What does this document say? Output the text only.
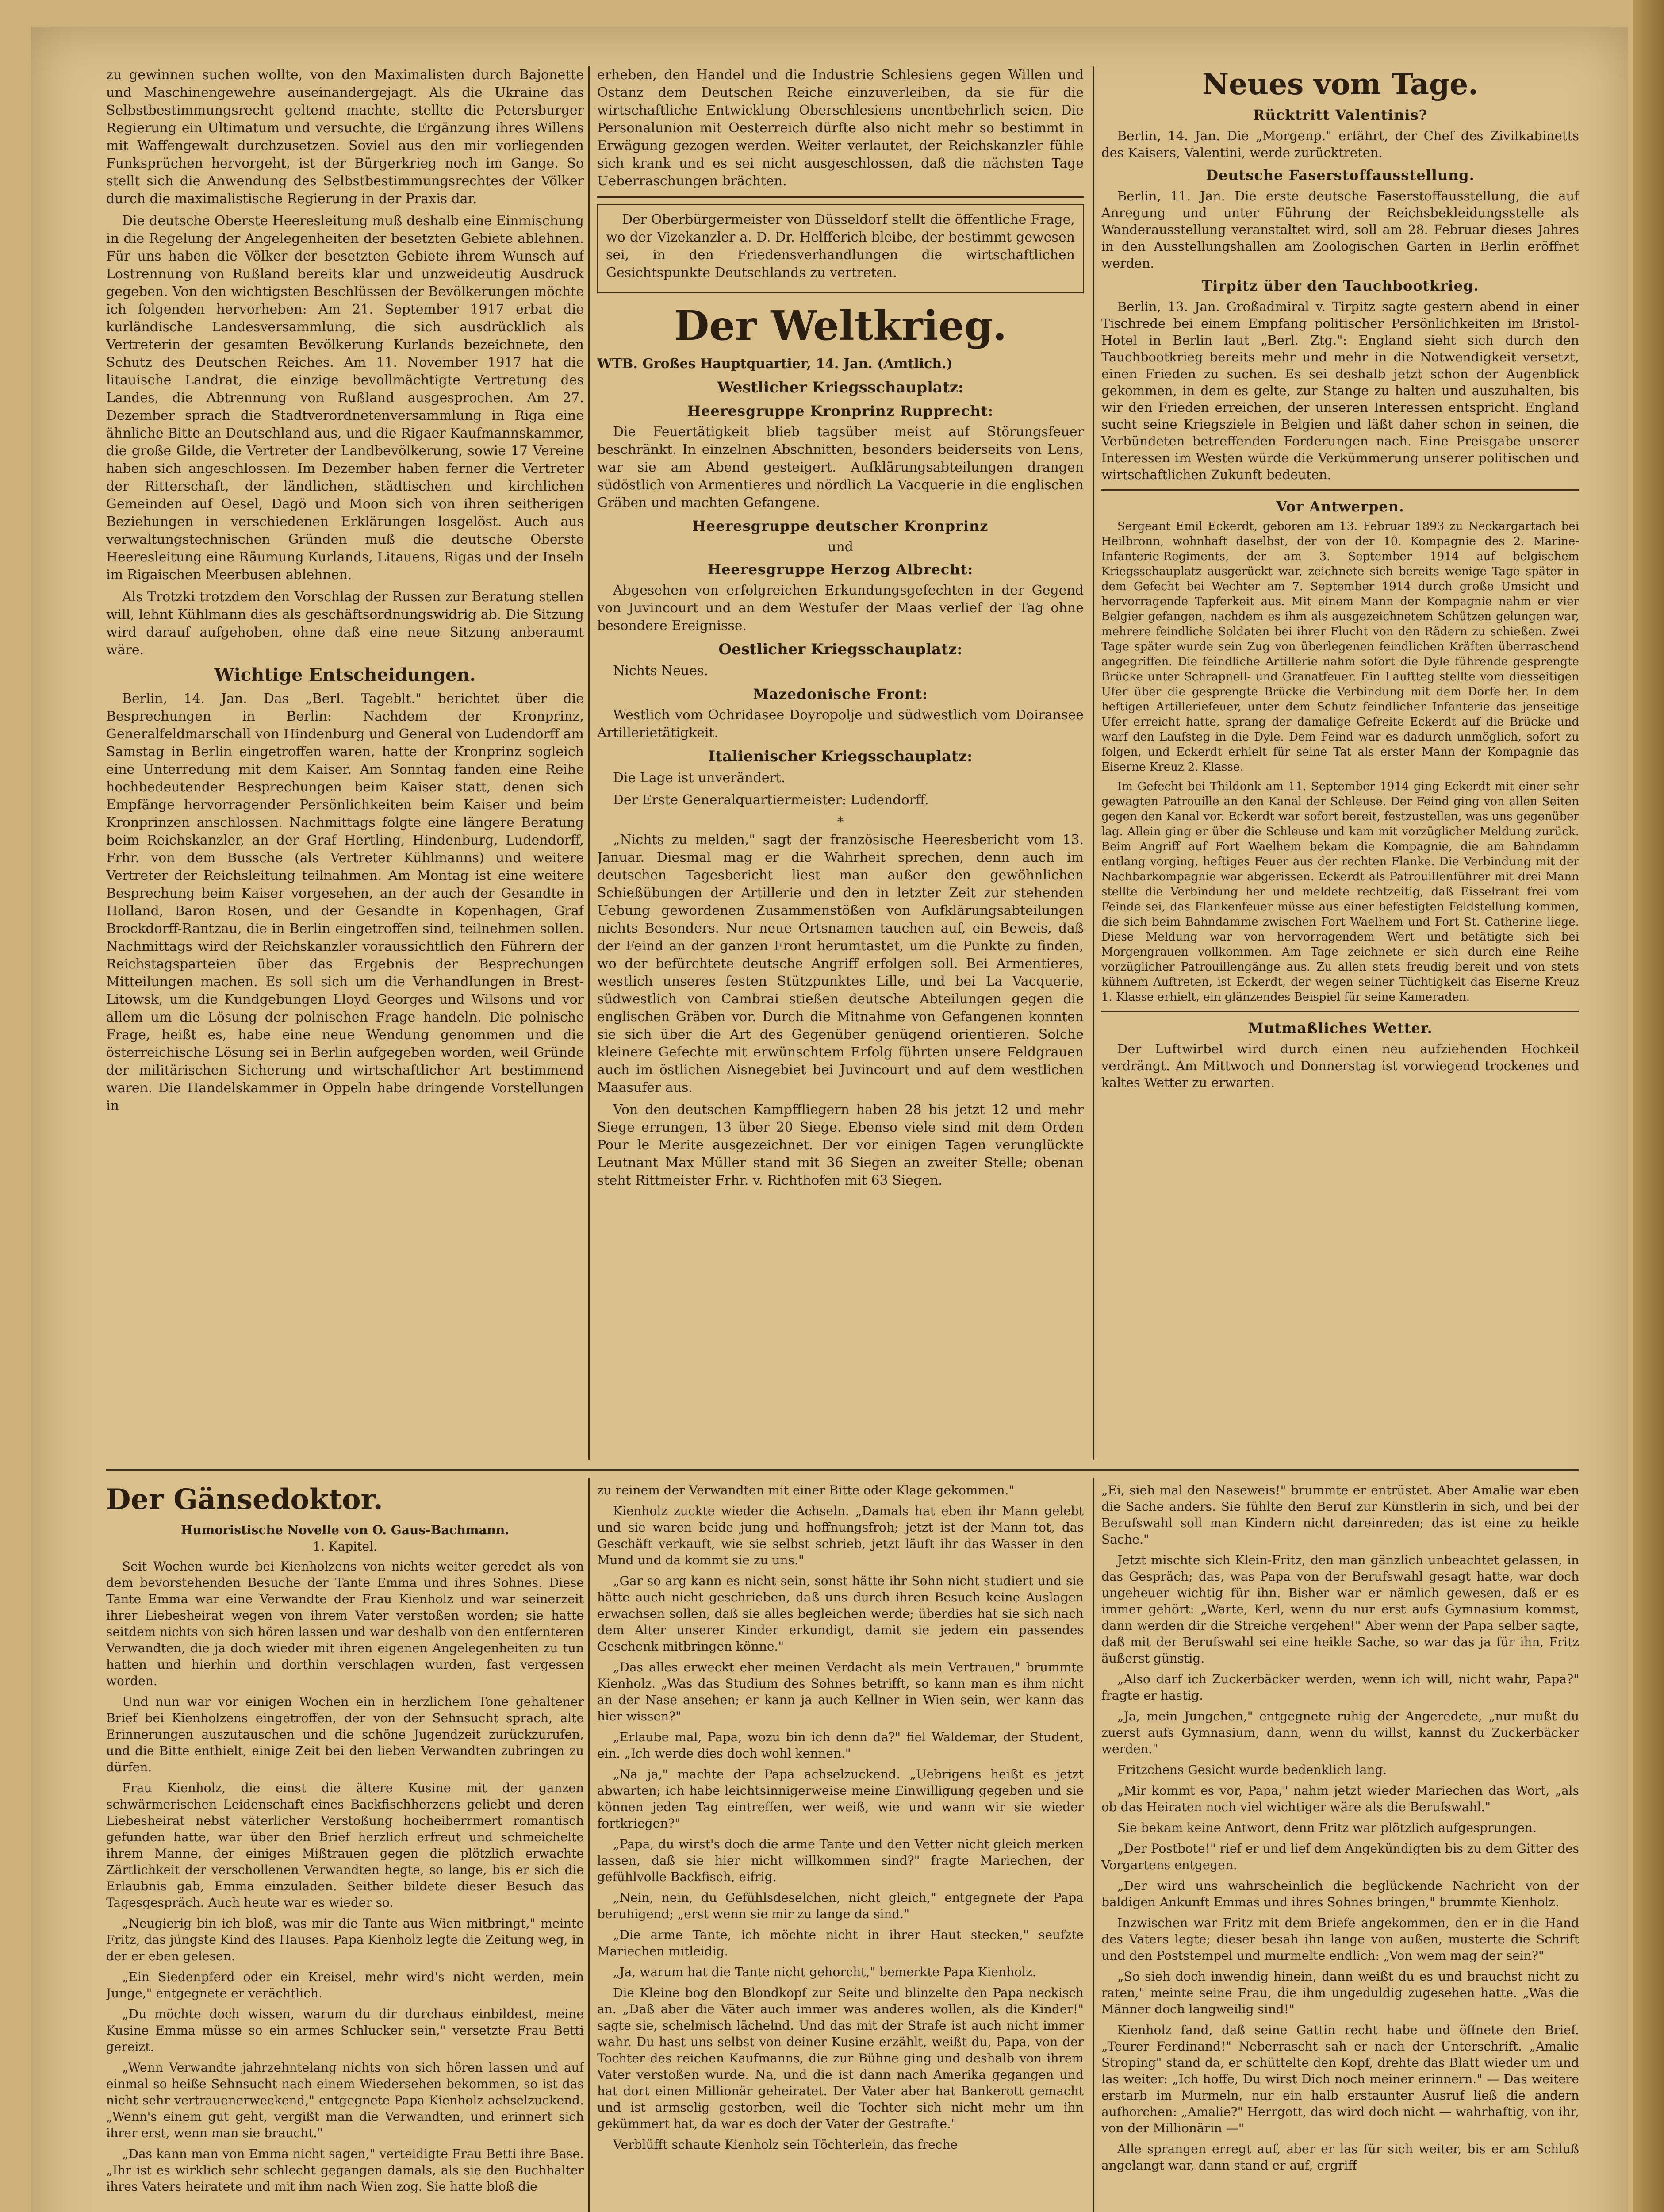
zu gewinnen suchen wollte, von den Maximalisten durch Bajonette und Maschinengewehre auseinandergejagt. Als die Ukraine das Selbstbestimmungsrecht geltend machte, stellte die Petersburger Regierung ein Ultimatum und versuchte, die Ergänzung ihres Willens mit Waffengewalt durchzusetzen. Soviel aus den mir vorliegenden Funksprüchen hervorgeht, ist der Bürgerkrieg noch im Gange. So stellt sich die Anwendung des Selbstbestimmungsrechtes der Völker durch die maximalistische Regierung in der Praxis dar.

Die deutsche Oberste Heeresleitung muß deshalb eine Einmischung in die Regelung der Angelegenheiten der besetzten Gebiete ablehnen. Für uns haben die Völker der besetzten Gebiete ihrem Wunsch auf Lostrennung von Rußland bereits klar und unzweideutig Ausdruck gegeben. Von den wichtigsten Beschlüssen der Bevölkerungen möchte ich folgenden hervorheben: Am 21. September 1917 erbat die kurländische Landesversammlung, die sich ausdrücklich als Vertreterin der gesamten Bevölkerung Kurlands bezeichnete, den Schutz des Deutschen Reiches. Am 11. November 1917 hat die litauische Landrat, die einzige bevollmächtigte Vertretung des Landes, die Abtrennung von Rußland ausgesprochen. Am 27. Dezember sprach die Stadtverordnetenversammlung in Riga eine ähnliche Bitte an Deutschland aus, und die Rigaer Kaufmannskammer, die große Gilde, die Vertreter der Landbevölkerung, sowie 17 Vereine haben sich angeschlossen. Im Dezember haben ferner die Vertreter der Ritterschaft, der ländlichen, städtischen und kirchlichen Gemeinden auf Oesel, Dagö und Moon sich von ihren seitherigen Beziehungen in verschiedenen Erklärungen losgelöst. Auch aus verwaltungstechnischen Gründen muß die deutsche Oberste Heeresleitung eine Räumung Kurlands, Litauens, Rigas und der Inseln im Rigaischen Meerbusen ablehnen.

Als Trotzki trotzdem den Vorschlag der Russen zur Beratung stellen will, lehnt Kühlmann dies als geschäftsordnungswidrig ab. Die Sitzung wird darauf aufgehoben, ohne daß eine neue Sitzung anberaumt wäre.

Wichtige Entscheidungen.

Berlin, 14. Jan. Das „Berl. Tageblt." berichtet über die Besprechungen in Berlin: Nachdem der Kronprinz, Generalfeldmarschall von Hindenburg und General von Ludendorff am Samstag in Berlin eingetroffen waren, hatte der Kronprinz sogleich eine Unterredung mit dem Kaiser. Am Sonntag fanden eine Reihe hochbedeutender Besprechungen beim Kaiser statt, denen sich Empfänge hervorragender Persönlichkeiten beim Kaiser und beim Kronprinzen anschlossen. Nachmittags folgte eine längere Beratung beim Reichskanzler, an der Graf Hertling, Hindenburg, Ludendorff, Frhr. von dem Bussche (als Vertreter Kühlmanns) und weitere Vertreter der Reichsleitung teilnahmen. Am Montag ist eine weitere Besprechung beim Kaiser vorgesehen, an der auch der Gesandte in Holland, Baron Rosen, und der Gesandte in Kopenhagen, Graf Brockdorff-Rantzau, die in Berlin eingetroffen sind, teilnehmen sollen. Nachmittags wird der Reichskanzler voraussichtlich den Führern der Reichstagsparteien über das Ergebnis der Besprechungen Mitteilungen machen. Es soll sich um die Verhandlungen in Brest-Litowsk, um die Kundgebungen Lloyd Georges und Wilsons und vor allem um die Lösung der polnischen Frage handeln. Die polnische Frage, heißt es, habe eine neue Wendung genommen und die österreichische Lösung sei in Berlin aufgegeben worden, weil Gründe der militärischen Sicherung und wirtschaftlicher Art bestimmend waren. Die Handelskammer in Oppeln habe dringende Vorstellungen in

erheben, den Handel und die Industrie Schlesiens gegen Willen und Ostanz dem Deutschen Reiche einzuverleiben, da sie für die wirtschaftliche Entwicklung Oberschlesiens unentbehrlich seien. Die Personalunion mit Oesterreich dürfte also nicht mehr so bestimmt in Erwägung gezogen werden. Weiter verlautet, der Reichskanzler fühle sich krank und es sei nicht ausgeschlossen, daß die nächsten Tage Ueberraschungen brächten.

Der Oberbürgermeister von Düsseldorf stellt die öffentliche Frage, wo der Vizekanzler a. D. Dr. Helfferich bleibe, der bestimmt gewesen sei, in den Friedensverhandlungen die wirtschaftlichen Gesichtspunkte Deutschlands zu vertreten.

Der Weltkrieg.

WTB. Großes Hauptquartier, 14. Jan. (Amtlich.)

Westlicher Kriegsschauplatz:
Heeresgruppe Kronprinz Rupprecht:

Die Feuertätigkeit blieb tagsüber meist auf Störungsfeuer beschränkt. In einzelnen Abschnitten, besonders beiderseits von Lens, war sie am Abend gesteigert. Aufklärungsabteilungen drangen südöstlich von Armentieres und nördlich La Vacquerie in die englischen Gräben und machten Gefangene.

Heeresgruppe deutscher Kronprinz
und
Heeresgruppe Herzog Albrecht:

Abgesehen von erfolgreichen Erkundungsgefechten in der Gegend von Juvincourt und an dem Westufer der Maas verlief der Tag ohne besondere Ereignisse.

Oestlicher Kriegsschauplatz:

Nichts Neues.

Mazedonische Front:

Westlich vom Ochridasee Doyropolje und südwestlich vom Doiransee Artillerietätigkeit.

Italienischer Kriegsschauplatz:

Die Lage ist unverändert.

Der Erste Generalquartiermeister: Ludendorff.

*

„Nichts zu melden," sagt der französische Heeresbericht vom 13. Januar. Diesmal mag er die Wahrheit sprechen, denn auch im deutschen Tagesbericht liest man außer den gewöhnlichen Schießübungen der Artillerie und den in letzter Zeit zur stehenden Uebung gewordenen Zusammenstößen von Aufklärungsabteilungen nichts Besonders. Nur neue Ortsnamen tauchen auf, ein Beweis, daß der Feind an der ganzen Front herumtastet, um die Punkte zu finden, wo der befürchtete deutsche Angriff erfolgen soll. Bei Armentieres, westlich unseres festen Stützpunktes Lille, und bei La Vacquerie, südwestlich von Cambrai stießen deutsche Abteilungen gegen die englischen Gräben vor. Durch die Mitnahme von Gefangenen konnten sie sich über die Art des Gegenüber genügend orientieren. Solche kleinere Gefechte mit erwünschtem Erfolg führten unsere Feldgrauen auch im östlichen Aisnegebiet bei Juvincourt und auf dem westlichen Maasufer aus.

Von den deutschen Kampffliegern haben 28 bis jetzt 12 und mehr Siege errungen, 13 über 20 Siege. Ebenso viele sind mit dem Orden Pour le Merite ausgezeichnet. Der vor einigen Tagen verunglückte Leutnant Max Müller stand mit 36 Siegen an zweiter Stelle; obenan steht Rittmeister Frhr. v. Richthofen mit 63 Siegen.

Neues vom Tage.
Rücktritt Valentinis?

Berlin, 14. Jan. Die „Morgenp." erfährt, der Chef des Zivilkabinetts des Kaisers, Valentini, werde zurücktreten.

Deutsche Faserstoffausstellung.

Berlin, 11. Jan. Die erste deutsche Faserstoffausstellung, die auf Anregung und unter Führung der Reichsbekleidungsstelle als Wanderausstellung veranstaltet wird, soll am 28. Februar dieses Jahres in den Ausstellungshallen am Zoologischen Garten in Berlin eröffnet werden.

Tirpitz über den Tauchbootkrieg.

Berlin, 13. Jan. Großadmiral v. Tirpitz sagte gestern abend in einer Tischrede bei einem Empfang politischer Persönlichkeiten im Bristol-Hotel in Berlin laut „Berl. Ztg.": England sieht sich durch den Tauchbootkrieg bereits mehr und mehr in die Notwendigkeit versetzt, einen Frieden zu suchen. Es sei deshalb jetzt schon der Augenblick gekommen, in dem es gelte, zur Stange zu halten und auszuhalten, bis wir den Frieden erreichen, der unseren Interessen entspricht. England sucht seine Kriegsziele in Belgien und läßt daher schon in seinen, die Verbündeten betreffenden Forderungen nach. Eine Preisgabe unserer Interessen im Westen würde die Verkümmerung unserer politischen und wirtschaftlichen Zukunft bedeuten.

Vor Antwerpen.

Sergeant Emil Eckerdt, geboren am 13. Februar 1893 zu Neckargartach bei Heilbronn, wohnhaft daselbst, der von der 10. Kompagnie des 2. Marine-Infanterie-Regiments, der am 3. September 1914 auf belgischem Kriegsschauplatz ausgerückt war, zeichnete sich bereits wenige Tage später in dem Gefecht bei Wechter am 7. September 1914 durch große Umsicht und hervorragende Tapferkeit aus. Mit einem Mann der Kompagnie nahm er vier Belgier gefangen, nachdem es ihm als ausgezeichnetem Schützen gelungen war, mehrere feindliche Soldaten bei ihrer Flucht von den Rädern zu schießen. Zwei Tage später wurde sein Zug von überlegenen feindlichen Kräften überraschend angegriffen. Die feindliche Artillerie nahm sofort die Dyle führende gesprengte Brücke unter Schrapnell- und Granatfeuer. Ein Lauftteg stellte vom diesseitigen Ufer über die gesprengte Brücke die Verbindung mit dem Dorfe her. In dem heftigen Artilleriefeuer, unter dem Schutz feindlicher Infanterie das jenseitige Ufer erreicht hatte, sprang der damalige Gefreite Eckerdt auf die Brücke und warf den Laufsteg in die Dyle. Dem Feind war es dadurch unmöglich, sofort zu folgen, und Eckerdt erhielt für seine Tat als erster Mann der Kompagnie das Eiserne Kreuz 2. Klasse.

Im Gefecht bei Thildonk am 11. September 1914 ging Eckerdt mit einer sehr gewagten Patrouille an den Kanal der Schleuse. Der Feind ging von allen Seiten gegen den Kanal vor. Eckerdt war sofort bereit, festzustellen, was uns gegenüber lag. Allein ging er über die Schleuse und kam mit vorzüglicher Meldung zurück. Beim Angriff auf Fort Waelhem bekam die Kompagnie, die am Bahndamm entlang vorging, heftiges Feuer aus der rechten Flanke. Die Verbindung mit der Nachbarkompagnie war abgerissen. Eckerdt als Patrouillenführer mit drei Mann stellte die Verbindung her und meldete rechtzeitig, daß Eisselrant frei vom Feinde sei, das Flankenfeuer müsse aus einer befestigten Feldstellung kommen, die sich beim Bahndamme zwischen Fort Waelhem und Fort St. Catherine liege. Diese Meldung war von hervorragendem Wert und betätigte sich bei Morgengrauen vollkommen. Am Tage zeichnete er sich durch eine Reihe vorzüglicher Patrouillengänge aus. Zu allen stets freudig bereit und von stets kühnem Auftreten, ist Eckerdt, der wegen seiner Tüchtigkeit das Eiserne Kreuz 1. Klasse erhielt, ein glänzendes Beispiel für seine Kameraden.

Mutmaßliches Wetter.

Der Luftwirbel wird durch einen neu aufziehenden Hochkeil verdrängt. Am Mittwoch und Donnerstag ist vorwiegend trockenes und kaltes Wetter zu erwarten.

Der Gänsedoktor.
Humoristische Novelle von O. Gaus-Bachmann.
1. Kapitel.

Seit Wochen wurde bei Kienholzens von nichts weiter geredet als von dem bevorstehenden Besuche der Tante Emma und ihres Sohnes. Diese Tante Emma war eine Verwandte der Frau Kienholz und war seinerzeit ihrer Liebesheirat wegen von ihrem Vater verstoßen worden; sie hatte seitdem nichts von sich hören lassen und war deshalb von den entfernteren Verwandten, die ja doch wieder mit ihren eigenen Angelegenheiten zu tun hatten und hierhin und dorthin verschlagen wurden, fast vergessen worden.

Und nun war vor einigen Wochen ein in herzlichem Tone gehaltener Brief bei Kienholzens eingetroffen, der von der Sehnsucht sprach, alte Erinnerungen auszutauschen und die schöne Jugendzeit zurückzurufen, und die Bitte enthielt, einige Zeit bei den lieben Verwandten zubringen zu dürfen.

Frau Kienholz, die einst die ältere Kusine mit der ganzen schwärmerischen Leidenschaft eines Backfischherzens geliebt und deren Liebesheirat nebst väterlicher Verstoßung hocheiberrmert romantisch gefunden hatte, war über den Brief herzlich erfreut und schmeichelte ihrem Manne, der einiges Mißtrauen gegen die plötzlich erwachte Zärtlichkeit der verschollenen Verwandten hegte, so lange, bis er sich die Erlaubnis gab, Emma einzuladen. Seither bildete dieser Besuch das Tagesgespräch. Auch heute war es wieder so.

„Neugierig bin ich bloß, was mir die Tante aus Wien mitbringt," meinte Fritz, das jüngste Kind des Hauses. Papa Kienholz legte die Zeitung weg, in der er eben gelesen.

„Ein Siedenpferd oder ein Kreisel, mehr wird's nicht werden, mein Junge," entgegnete er verächtlich.

„Du möchte doch wissen, warum du dir durchaus einbildest, meine Kusine Emma müsse so ein armes Schlucker sein," versetzte Frau Betti gereizt.

„Wenn Verwandte jahrzehntelang nichts von sich hören lassen und auf einmal so heiße Sehnsucht nach einem Wiedersehen bekommen, so ist das nicht sehr vertrauenerweckend," entgegnete Papa Kienholz achselzuckend. „Wenn's einem gut geht, vergißt man die Verwandten, und erinnert sich ihrer erst, wenn man sie braucht."

„Das kann man von Emma nicht sagen," verteidigte Frau Betti ihre Base. „Ihr ist es wirklich sehr schlecht gegangen damals, als sie den Buchhalter ihres Vaters heiratete und mit ihm nach Wien zog. Sie hatte bloß die

zu reinem der Verwandten mit einer Bitte oder Klage gekommen."

Kienholz zuckte wieder die Achseln. „Damals hat eben ihr Mann gelebt und sie waren beide jung und hoffnungsfroh; jetzt ist der Mann tot, das Geschäft verkauft, wie sie selbst schrieb, jetzt läuft ihr das Wasser in den Mund und da kommt sie zu uns."

„Gar so arg kann es nicht sein, sonst hätte ihr Sohn nicht studiert und sie hätte auch nicht geschrieben, daß uns durch ihren Besuch keine Auslagen erwachsen sollen, daß sie alles begleichen werde; überdies hat sie sich nach dem Alter unserer Kinder erkundigt, damit sie jedem ein passendes Geschenk mitbringen könne."

„Das alles erweckt eher meinen Verdacht als mein Vertrauen," brummte Kienholz. „Was das Studium des Sohnes betrifft, so kann man es ihm nicht an der Nase ansehen; er kann ja auch Kellner in Wien sein, wer kann das hier wissen?"

„Erlaube mal, Papa, wozu bin ich denn da?" fiel Waldemar, der Student, ein. „Ich werde dies doch wohl kennen."

„Na ja," machte der Papa achselzuckend. „Uebrigens heißt es jetzt abwarten; ich habe leichtsinnigerweise meine Einwilligung gegeben und sie können jeden Tag eintreffen, wer weiß, wie und wann wir sie wieder fortkriegen?"

„Papa, du wirst's doch die arme Tante und den Vetter nicht gleich merken lassen, daß sie hier nicht willkommen sind?" fragte Mariechen, der gefühlvolle Backfisch, eifrig.

„Nein, nein, du Gefühlsdeselchen, nicht gleich," entgegnete der Papa beruhigend; „erst wenn sie mir zu lange da sind."

„Die arme Tante, ich möchte nicht in ihrer Haut stecken," seufzte Mariechen mitleidig.

„Ja, warum hat die Tante nicht gehorcht," bemerkte Papa Kienholz.

Die Kleine bog den Blondkopf zur Seite und blinzelte den Papa neckisch an. „Daß aber die Väter auch immer was anderes wollen, als die Kinder!" sagte sie, schelmisch lächelnd. Und das mit der Strafe ist auch nicht immer wahr. Du hast uns selbst von deiner Kusine erzählt, weißt du, Papa, von der Tochter des reichen Kaufmanns, die zur Bühne ging und deshalb von ihrem Vater verstoßen wurde. Na, und die ist dann nach Amerika gegangen und hat dort einen Millionär geheiratet. Der Vater aber hat Bankerott gemacht und ist armselig gestorben, weil die Tochter sich nicht mehr um ihn gekümmert hat, da war es doch der Vater der Gestrafte."

Verblüfft schaute Kienholz sein Töchterlein, das freche

„Ei, sieh mal den Naseweis!" brummte er entrüstet. Aber Amalie war eben die Sache anders. Sie fühlte den Beruf zur Künstlerin in sich, und bei der Berufswahl soll man Kindern nicht dareinreden; das ist eine zu heikle Sache."

Jetzt mischte sich Klein-Fritz, den man gänzlich unbeachtet gelassen, in das Gespräch; das, was Papa von der Berufswahl gesagt hatte, war doch ungeheuer wichtig für ihn. Bisher war er nämlich gewesen, daß er es immer gehört: „Warte, Kerl, wenn du nur erst aufs Gymnasium kommst, dann werden dir die Streiche vergehen!" Aber wenn der Papa selber sagte, daß mit der Berufswahl sei eine heikle Sache, so war das ja für ihn, Fritz äußerst günstig.

„Also darf ich Zuckerbäcker werden, wenn ich will, nicht wahr, Papa?" fragte er hastig.

„Ja, mein Jungchen," entgegnete ruhig der Angeredete, „nur mußt du zuerst aufs Gymnasium, dann, wenn du willst, kannst du Zuckerbäcker werden."

Fritzchens Gesicht wurde bedenklich lang.

„Mir kommt es vor, Papa," nahm jetzt wieder Mariechen das Wort, „als ob das Heiraten noch viel wichtiger wäre als die Berufswahl."

Sie bekam keine Antwort, denn Fritz war plötzlich aufgesprungen.

„Der Postbote!" rief er und lief dem Angekündigten bis zu dem Gitter des Vorgartens entgegen.

„Der wird uns wahrscheinlich die beglückende Nachricht von der baldigen Ankunft Emmas und ihres Sohnes bringen," brummte Kienholz.

Inzwischen war Fritz mit dem Briefe angekommen, den er in die Hand des Vaters legte; dieser besah ihn lange von außen, musterte die Schrift und den Poststempel und murmelte endlich: „Von wem mag der sein?"

„So sieh doch inwendig hinein, dann weißt du es und brauchst nicht zu raten," meinte seine Frau, die ihm ungeduldig zugesehen hatte. „Was die Männer doch langweilig sind!"

Kienholz fand, daß seine Gattin recht habe und öffnete den Brief. „Teurer Ferdinand!" Neberrascht sah er nach der Unterschrift. „Amalie Stroping" stand da, er schüttelte den Kopf, drehte das Blatt wieder um und las weiter: „Ich hoffe, Du wirst Dich noch meiner erinnern." — Das weitere erstarb im Murmeln, nur ein halb erstaunter Ausruf ließ die andern aufhorchen: „Amalie?" Herrgott, das wird doch nicht — wahrhaftig, von ihr, von der Millionärin —"

Alle sprangen erregt auf, aber er las für sich weiter, bis er am Schluß angelangt war, dann stand er auf, ergriff
